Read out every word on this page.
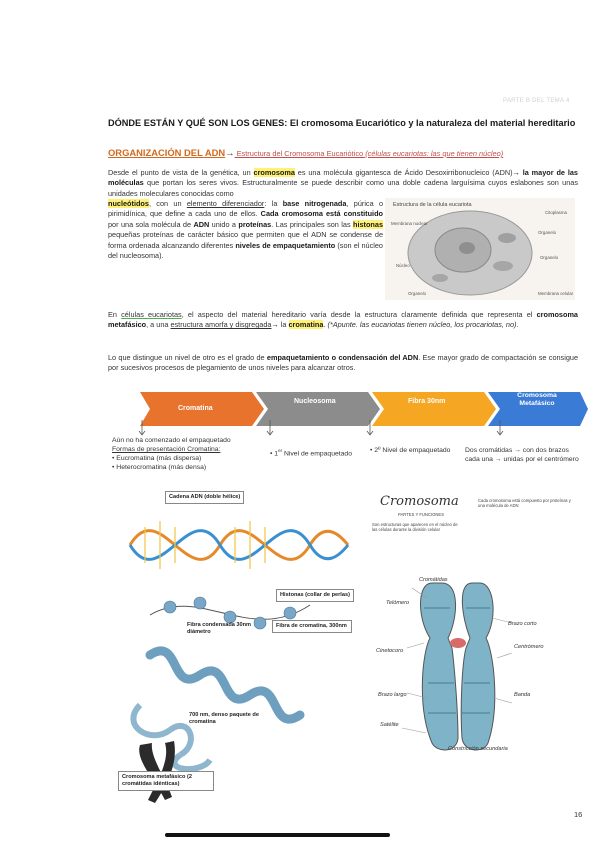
PARTE B DEL TEMA 4
DÓNDE ESTÁN Y QUÉ SON LOS GENES: El cromosoma Eucariótico y la naturaleza del material hereditario
ORGANIZACIÓN DEL ADN→ Estructura del Cromosoma Eucariótico (células eucariotas: las que tienen núcleo)
Desde el punto de vista de la genética, un cromosoma es una molécula gigantesca de Ácido Desoxirribonucleico (ADN)→ la mayor de las moléculas que portan los seres vivos. Estructuralmente se puede describir como una doble cadena larguísima cuyos eslabones son unas unidades moleculares conocidas como
nucleótidos, con un elemento diferenciador: la base nitrogenada, púrica o pirimidínica, que define a cada uno de ellos. Cada cromosoma está constituido por una sola molécula de ADN unido a proteínas. Las principales son las histonas pequeñas proteínas de carácter básico que permiten que el ADN se condense de forma ordenada alcanzando diferentes niveles de empaquetamiento (son el núcleo del nucleosoma).
Estructura de la célula eucariota
Membrana nuclear
Citoplasma
Organelo
Núcleo
Organelo
Organelo	Membrana celular
En células eucariotas, el aspecto del material hereditario varía desde la estructura claramente definida que representa el cromosoma metafásico, a una estructura amorfa y disgregada→ la cromatina. (*Apunte. las eucariotas tienen núcleo, los procariotas, no).
Lo que distingue un nivel de otro es el grado de empaquetamiento o condensación del ADN. Ese mayor grado de compactación se consigue por sucesivos procesos de plegamiento de unos niveles para alcanzar otros.
Cromatina
Nucleosoma	Fibra 30nm
Cromosoma Metafásico
Aún no ha comenzado el empaquetado
Formas de presentación Cromatina:
• Eucromatina (más dispersa)
• Heterocromatina (más densa)
• 1er Nivel de empaquetado	• 2º Nivel de empaquetado	Dos cromátidas → con dos brazos cada una → unidas por el centrómero
Cadena ADN (doble hélice)
Histonas (collar de perlas)
Fibra condensada 30nm diámetro
Fibra de cromatina, 300nm
700 nm, denso paquete de cromatina
Cromosoma metafásico (2 cromátidas idénticas)
Cromosoma
PARTES Y FUNCIONES
Son estructuras que aparecen en el núcleo de las células durante la división celular
Cada cromosoma está compuesto por proteínas y una molécula de ADN
Cromátidas
Telómero
Brazo corto
Cinetocoro
Centrómero
Brazo largo	Banda
Satélite
Constricción secundaria
16
